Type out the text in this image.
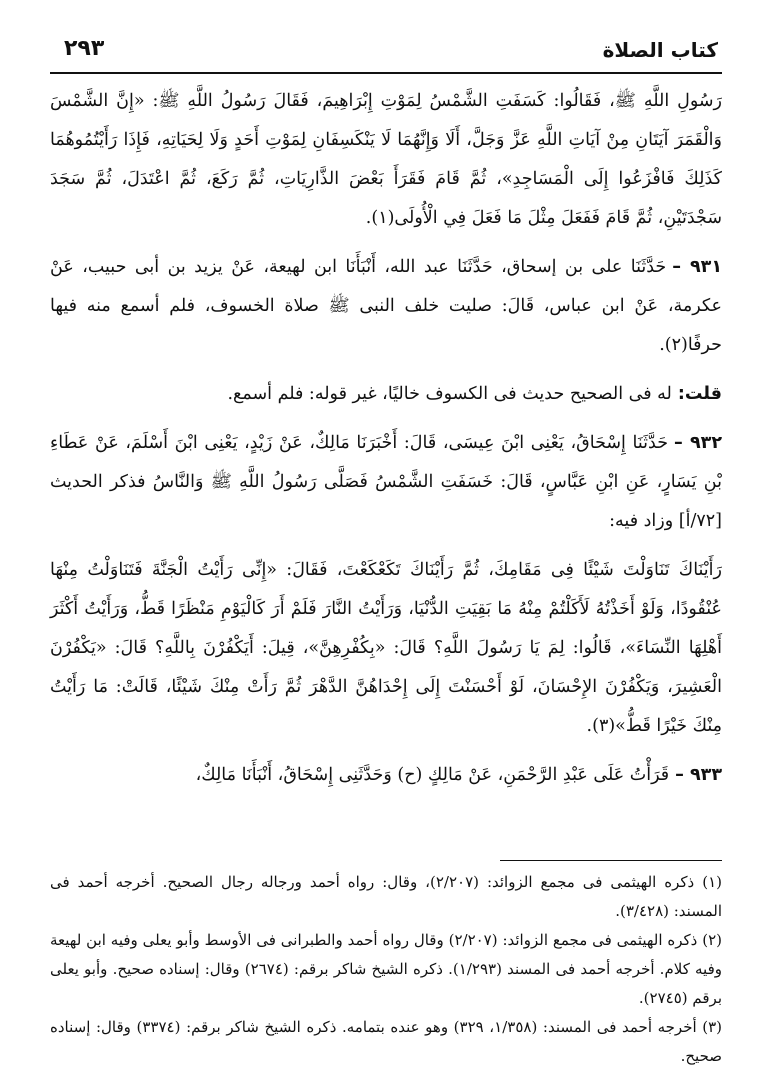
كتاب الصلاة
٢٩٣

رَسُولِ اللَّهِ ﷺ، فَقَالُوا: كَسَفَتِ الشَّمْسُ لِمَوْتِ إِبْرَاهِيمَ، فَقَالَ رَسُولُ اللَّهِ ﷺ: «إِنَّ الشَّمْسَ وَالْقَمَرَ آيَتَانِ مِنْ آيَاتِ اللَّهِ عَزَّ وَجَلَّ، أَلَا وَإِنَّهُمَا لَا يَنْكَسِفَانِ لِمَوْتِ أَحَدٍ وَلَا لِحَيَاتِهِ، فَإِذَا رَأَيْتُمُوهُمَا كَذَلِكَ فَافْزَعُوا إِلَى الْمَسَاجِدِ»، ثُمَّ قَامَ فَقَرَأَ بَعْضَ الذَّارِيَاتِ، ثُمَّ رَكَعَ، ثُمَّ اعْتَدَلَ، ثُمَّ سَجَدَ سَجْدَتَيْنِ، ثُمَّ قَامَ فَفَعَلَ مِثْلَ مَا فَعَلَ فِي الْأُولَى(١).

٩٣١ –حَدَّثَنَا على بن إسحاق، حَدَّثَنَا عبد الله، أَنْبَأَنَا ابن لهيعة، عَنْ يزيد بن أبى حبيب، عَنْ عكرمة، عَنْ ابن عباس، قَالَ: صليت خلف النبى ﷺ صلاة الخسوف، فلم أسمع منه فيها حرفًا(٢).

قلت:له فى الصحيح حديث فى الكسوف خاليًا، غير قوله: فلم أسمع.

٩٣٢ –حَدَّثَنَا إِسْحَاقُ، يَعْنِى ابْنَ عِيسَى، قَالَ: أَخْبَرَنَا مَالِكٌ، عَنْ زَيْدٍ، يَعْنِى ابْنَ أَسْلَمَ، عَنْ عَطَاءِ بْنِ يَسَارٍ، عَنِ ابْنِ عَبَّاسٍ، قَالَ: خَسَفَتِ الشَّمْسُ فَصَلَّى رَسُولُ اللَّهِ ﷺ وَالنَّاسُ فذكر الحديث [٧٢/أ] وزاد فيه:

رَأَيْنَاكَ تَنَاوَلْتَ شَيْئًا فِى مَقَامِكَ، ثُمَّ رَأَيْنَاكَ تَكَعْكَعْتَ، فَقَالَ: «إِنِّى رَأَيْتُ الْجَنَّةَ فَتَنَاوَلْتُ مِنْهَا عُنْقُودًا، وَلَوْ أَخَذْتُهُ لَأَكَلْتُمْ مِنْهُ مَا بَقِيَتِ الدُّنْيَا، وَرَأَيْتُ النَّارَ فَلَمْ أَرَ كَالْيَوْمِ مَنْظَرًا قَطُّ، وَرَأَيْتُ أَكْثَرَ أَهْلِهَا النِّسَاءَ»، قَالُوا: لِمَ يَا رَسُولَ اللَّهِ؟ قَالَ: «بِكُفْرِهِنَّ»، قِيلَ: أَيَكْفُرْنَ بِاللَّهِ؟ قَالَ: «يَكْفُرْنَ الْعَشِيرَ، وَيَكْفُرْنَ الإِحْسَانَ، لَوْ أَحْسَنْتَ إِلَى إِحْدَاهُنَّ الدَّهْرَ ثُمَّ رَأَتْ مِنْكَ شَيْئًا، قَالَتْ: مَا رَأَيْتُ مِنْكَ خَيْرًا قَطُّ»(٣).

٩٣٣ –قَرَأْتُ عَلَى عَبْدِ الرَّحْمَنِ، عَنْ مَالِكٍ (ح) وَحَدَّثَنِى إِسْحَاقُ، أَنْبَأَنَا مَالِكٌ،

(١) ذكره الهيثمى فى مجمع الزوائد: (٢/٢٠٧)، وقال: رواه أحمد ورجاله رجال الصحيح. أخرجه أحمد فى المسند: (٣/٤٢٨).

(٢) ذكره الهيثمى فى مجمع الزوائد: (٢/٢٠٧) وقال رواه أحمد والطبرانى فى الأوسط وأبو يعلى وفيه ابن لهيعة وفيه كلام. أخرجه أحمد فى المسند (١/٢٩٣). ذكره الشيخ شاكر برقم: (٢٦٧٤) وقال: إسناده صحيح. وأبو يعلى برقم (٢٧٤٥).

(٣) أخرجه أحمد فى المسند: (١/٣٥٨، ٣٢٩) وهو عنده بتمامه. ذكره الشيخ شاكر برقم: (٣٣٧٤) وقال: إسناده صحيح.
